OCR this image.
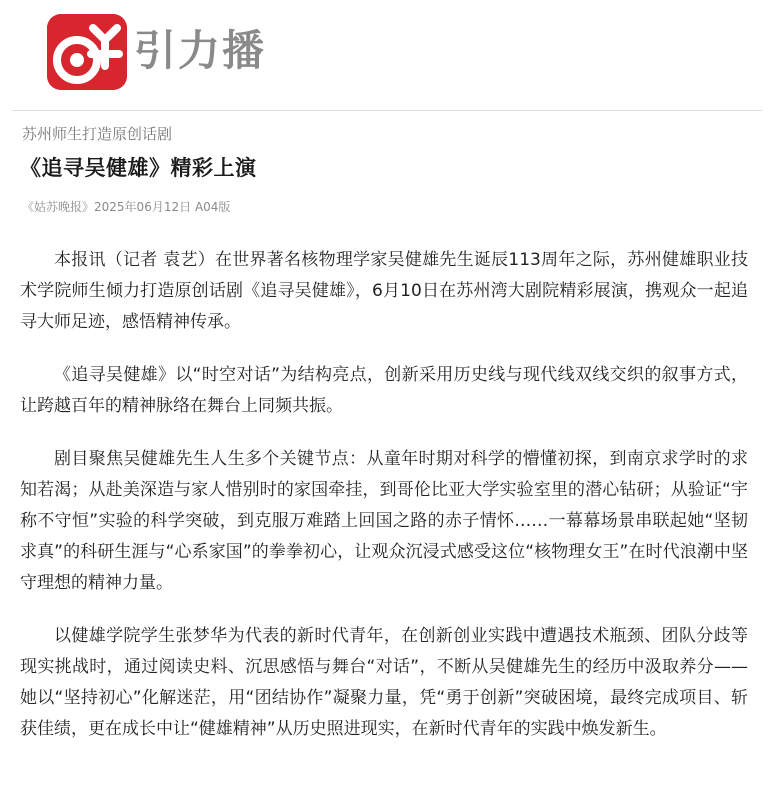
引力播
苏州师生打造原创话剧
《追寻吴健雄》精彩上演
《姑苏晚报》2025年06月12日 A04版

本报讯（记者 袁艺）在世界著名核物理学家吴健雄先生诞辰113周年之际，苏州健雄职业技术学院师生倾力打造原创话剧《追寻吴健雄》，6月10日在苏州湾大剧院精彩展演，携观众一起追寻大师足迹，感悟精神传承。

《追寻吴健雄》以“时空对话”为结构亮点，创新采用历史线与现代线双线交织的叙事方式，让跨越百年的精神脉络在舞台上同频共振。

剧目聚焦吴健雄先生人生多个关键节点：从童年时期对科学的懵懂初探，到南京求学时的求知若渴；从赴美深造与家人惜别时的家国牵挂，到哥伦比亚大学实验室里的潜心钻研；从验证“宇称不守恒”实验的科学突破，到克服万难踏上回国之路的赤子情怀……一幕幕场景串联起她“坚韧求真”的科研生涯与“心系家国”的拳拳初心，让观众沉浸式感受这位“核物理女王”在时代浪潮中坚守理想的精神力量。

以健雄学院学生张梦华为代表的新时代青年，在创新创业实践中遭遇技术瓶颈、团队分歧等现实挑战时，通过阅读史料、沉思感悟与舞台“对话”，不断从吴健雄先生的经历中汲取养分——她以“坚持初心”化解迷茫，用“团结协作”凝聚力量，凭“勇于创新”突破困境，最终完成项目、斩获佳绩，更在成长中让“健雄精神”从历史照进现实，在新时代青年的实践中焕发新生。
